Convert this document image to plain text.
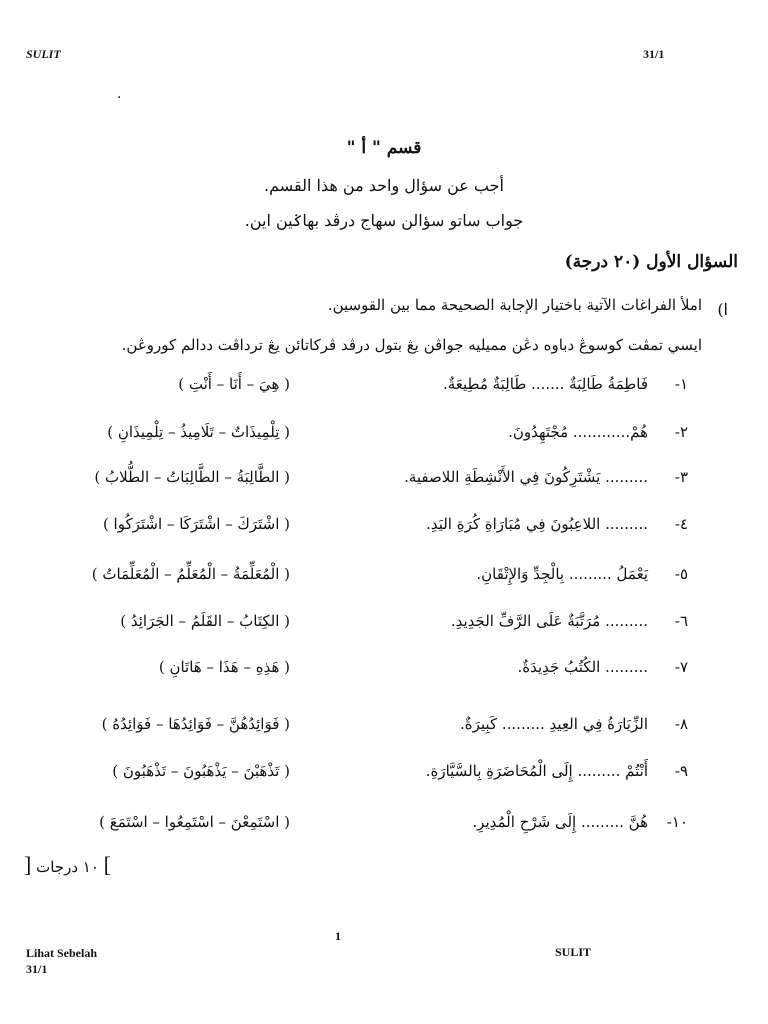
SULIT	31/1
.
قسم " أ "
أجب عن سؤال واحد من هذا القسم.
جواب ساتو سؤالن سهاج درڤد بهاݢين اين.
السؤال الأول (٢٠ درجة)
ا)
املأ الفراغات الآتية باختيار الإجابة الصحيحة مما بين القوسين.
ايسي تمڤت كوسوڠ دباوه دڠن مميليه جواڤن يڠ بتول درڤد ڤركاتائن يڠ ترداڤت ددالم كوروڠن.
١-
فَاطِمَةُ طَالِبَةٌ ....... طَالِبَةٌ مُطِيعَةٌ.
( هِيَ – أَنَا – أَنْتِ )
٢-
هُمْ............ مُجْتَهِدُونَ.
( تِلْمِيذَاتٌ – تَلَامِيذُ – تِلْمِيذَانِ )
٣-
......... يَشْتَرِكُونَ فِي الأَنْشِطَةِ اللاصفية.
( الطَّالِبَةُ – الطَّالِبَاتُ – الطُّلابُ )
٤-
......... اللاعِبُونَ فِي مُبَارَاةِ كُرَةِ اليَدِ.
( اشْتَرَكَ – اشْتَرَكَا – اشْتَرَكُوا )
٥-
يَعْمَلُ ......... بِالْجِدِّ وَالإِتْقَانِ.
( الْمُعَلِّمَةُ – الْمُعَلِّمُ – الْمُعَلِّمَاتُ )
٦-
......... مُرَتَّبَةٌ عَلَى الرَّفِّ الجَدِيدِ.
( الكِتَابُ – القَلَمُ – الجَرَائِدُ )
٧-
......... الكُتُبُ جَدِيدَةٌ.
( هَذِهِ – هَذَا – هَاتَانِ )
٨-
الزِّيَارَةُ فِي العِيدِ ......... كَبِيرَةٌ.
( فَوَائِدُهُنَّ – فَوَائِدُهَا – فَوَائِدُهُ )
٩-
أَنْتُمْ ......... إِلَى الْمُحَاضَرَةِ بِالسَّيَّارَةِ.
( تَذْهَبْنَ – يَذْهَبُونَ – تَذْهَبُونَ )
١٠-
هُنَّ ......... إِلَى شَرْحِ الْمُدِيرِ.
( اسْتَمِعْنَ – اسْتَمِعُوا – اسْتَمَعَ )
] ١٠ درجات [
1
Lihat Sebelah
31/1
SULIT
